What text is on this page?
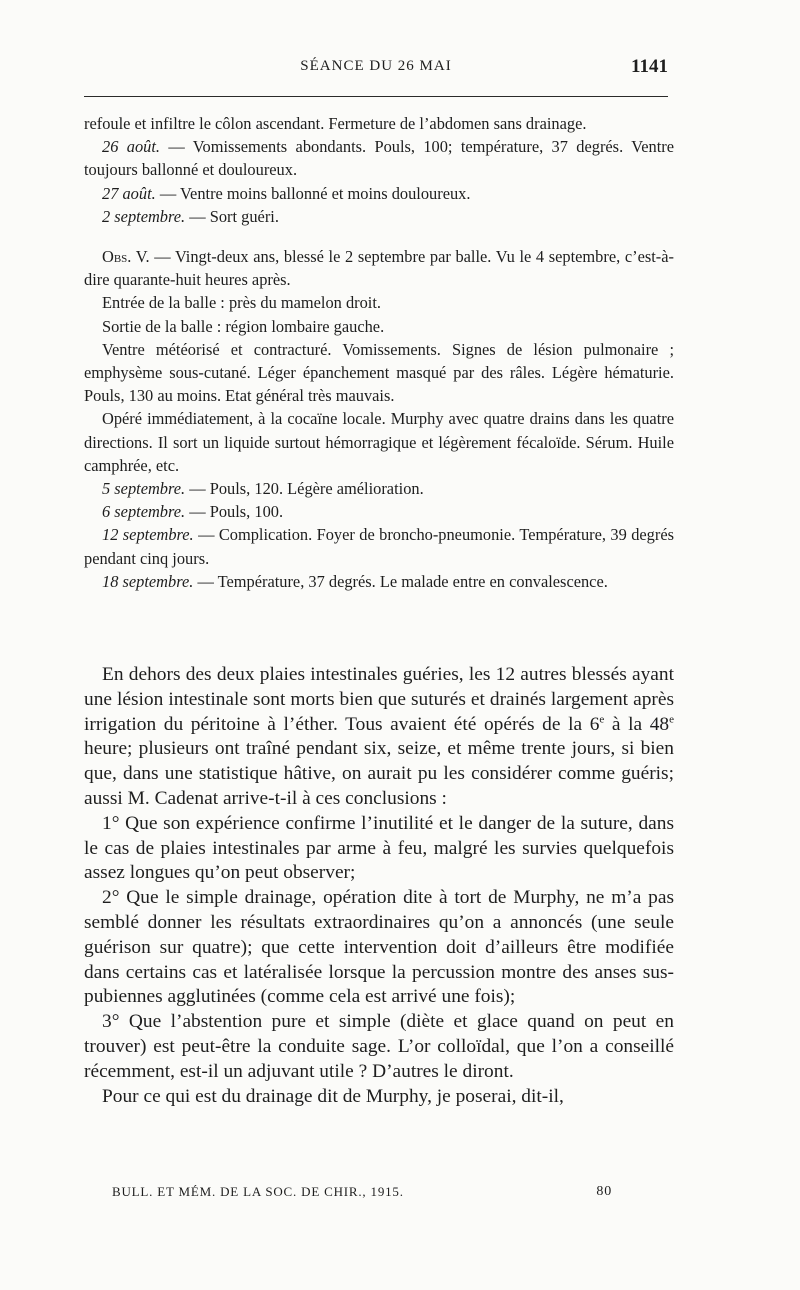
SÉANCE DU 26 MAI	1141

refoule et infiltre le côlon ascendant. Fermeture de l’abdomen sans drainage.

26 août. — Vomissements abondants. Pouls, 100; température, 37 degrés. Ventre toujours ballonné et douloureux.

27 août. — Ventre moins ballonné et moins douloureux.

2 septembre. — Sort guéri.

Obs. V. — Vingt-deux ans, blessé le 2 septembre par balle. Vu le 4 septembre, c’est-à-dire quarante-huit heures après.

Entrée de la balle : près du mamelon droit.

Sortie de la balle : région lombaire gauche.

Ventre météorisé et contracturé. Vomissements. Signes de lésion pulmonaire ; emphysème sous-cutané. Léger épanchement masqué par des râles. Légère hématurie. Pouls, 130 au moins. Etat général très mauvais.

Opéré immédiatement, à la cocaïne locale. Murphy avec quatre drains dans les quatre directions. Il sort un liquide surtout hémorragique et légèrement fécaloïde. Sérum. Huile camphrée, etc.

5 septembre. — Pouls, 120. Légère amélioration.

6 septembre. — Pouls, 100.

12 septembre. — Complication. Foyer de broncho-pneumonie. Température, 39 degrés pendant cinq jours.

18 septembre. — Température, 37 degrés. Le malade entre en convalescence.

En dehors des deux plaies intestinales guéries, les 12 autres blessés ayant une lésion intestinale sont morts bien que suturés et drainés largement après irrigation du péritoine à l’éther. Tous avaient été opérés de la 6e à la 48e heure; plusieurs ont traîné pendant six, seize, et même trente jours, si bien que, dans une statistique hâtive, on aurait pu les considérer comme guéris; aussi M. Cadenat arrive-t-il à ces conclusions :

1° Que son expérience confirme l’inutilité et le danger de la suture, dans le cas de plaies intestinales par arme à feu, malgré les survies quelquefois assez longues qu’on peut observer;

2° Que le simple drainage, opération dite à tort de Murphy, ne m’a pas semblé donner les résultats extraordinaires qu’on a annoncés (une seule guérison sur quatre); que cette intervention doit d’ailleurs être modifiée dans certains cas et latéralisée lorsque la percussion montre des anses sus-pubiennes agglutinées (comme cela est arrivé une fois);

3° Que l’abstention pure et simple (diète et glace quand on peut en trouver) est peut-être la conduite sage. L’or colloïdal, que l’on a conseillé récemment, est-il un adjuvant utile ? D’autres le diront.

Pour ce qui est du drainage dit de Murphy, je poserai, dit-il,

BULL. ET MÉM. DE LA SOC. DE CHIR., 1915.	80
